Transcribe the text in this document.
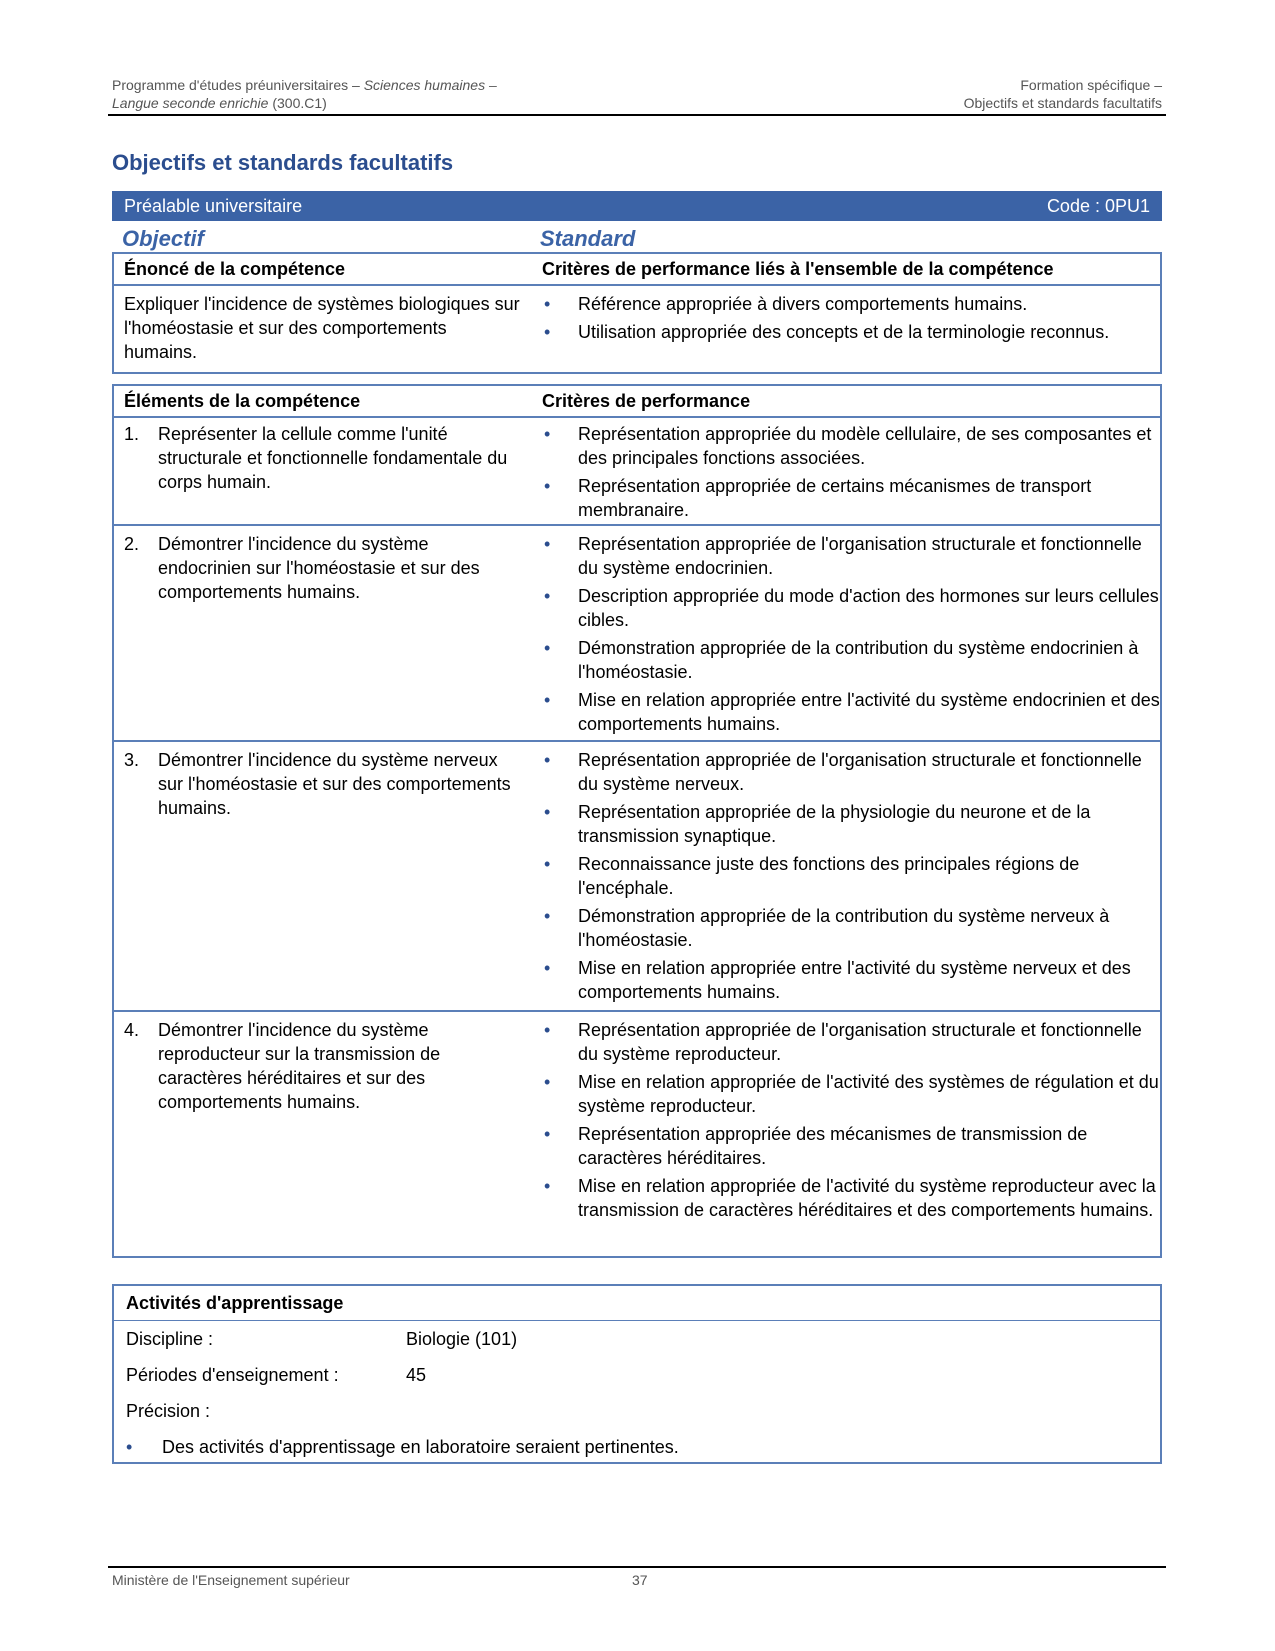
Programme d'études préuniversitaires – Sciences humaines –	Formation spécifique –
Langue seconde enrichie (300.C1)	Objectifs et standards facultatifs
Objectifs et standards facultatifs
Préalable universitaire	Code : 0PU1
Objectif	Standard
Énoncé de la compétence	Critères de performance liés à l'ensemble de la compétence
Expliquer l'incidence de systèmes biologiques sur l'homéostasie et sur des comportements humains.
• Référence appropriée à divers comportements humains.
• Utilisation appropriée des concepts et de la terminologie reconnus.
Éléments de la compétence	Critères de performance
1.	Représenter la cellule comme l'unité structurale et fonctionnelle fondamentale du corps humain.
• Représentation appropriée du modèle cellulaire, de ses composantes et des principales fonctions associées.
• Représentation appropriée de certains mécanismes de transport membranaire.
2.	Démontrer l'incidence du système endocrinien sur l'homéostasie et sur des comportements humains.
• Représentation appropriée de l'organisation structurale et fonctionnelle du système endocrinien.
• Description appropriée du mode d'action des hormones sur leurs cellules cibles.
• Démonstration appropriée de la contribution du système endocrinien à l'homéostasie.
• Mise en relation appropriée entre l'activité du système endocrinien et des comportements humains.
3.	Démontrer l'incidence du système nerveux sur l'homéostasie et sur des comportements humains.
• Représentation appropriée de l'organisation structurale et fonctionnelle du système nerveux.
• Représentation appropriée de la physiologie du neurone et de la transmission synaptique.
• Reconnaissance juste des fonctions des principales régions de l'encéphale.
• Démonstration appropriée de la contribution du système nerveux à l'homéostasie.
• Mise en relation appropriée entre l'activité du système nerveux et des comportements humains.
4.	Démontrer l'incidence du système reproducteur sur la transmission de caractères héréditaires et sur des comportements humains.
• Représentation appropriée de l'organisation structurale et fonctionnelle du système reproducteur.
• Mise en relation appropriée de l'activité des systèmes de régulation et du système reproducteur.
• Représentation appropriée des mécanismes de transmission de caractères héréditaires.
• Mise en relation appropriée de l'activité du système reproducteur avec la transmission de caractères héréditaires et des comportements humains.
Activités d'apprentissage
Discipline :	Biologie (101)
Périodes d'enseignement :	45
Précision :
•	Des activités d'apprentissage en laboratoire seraient pertinentes.
Ministère de l'Enseignement supérieur	37
